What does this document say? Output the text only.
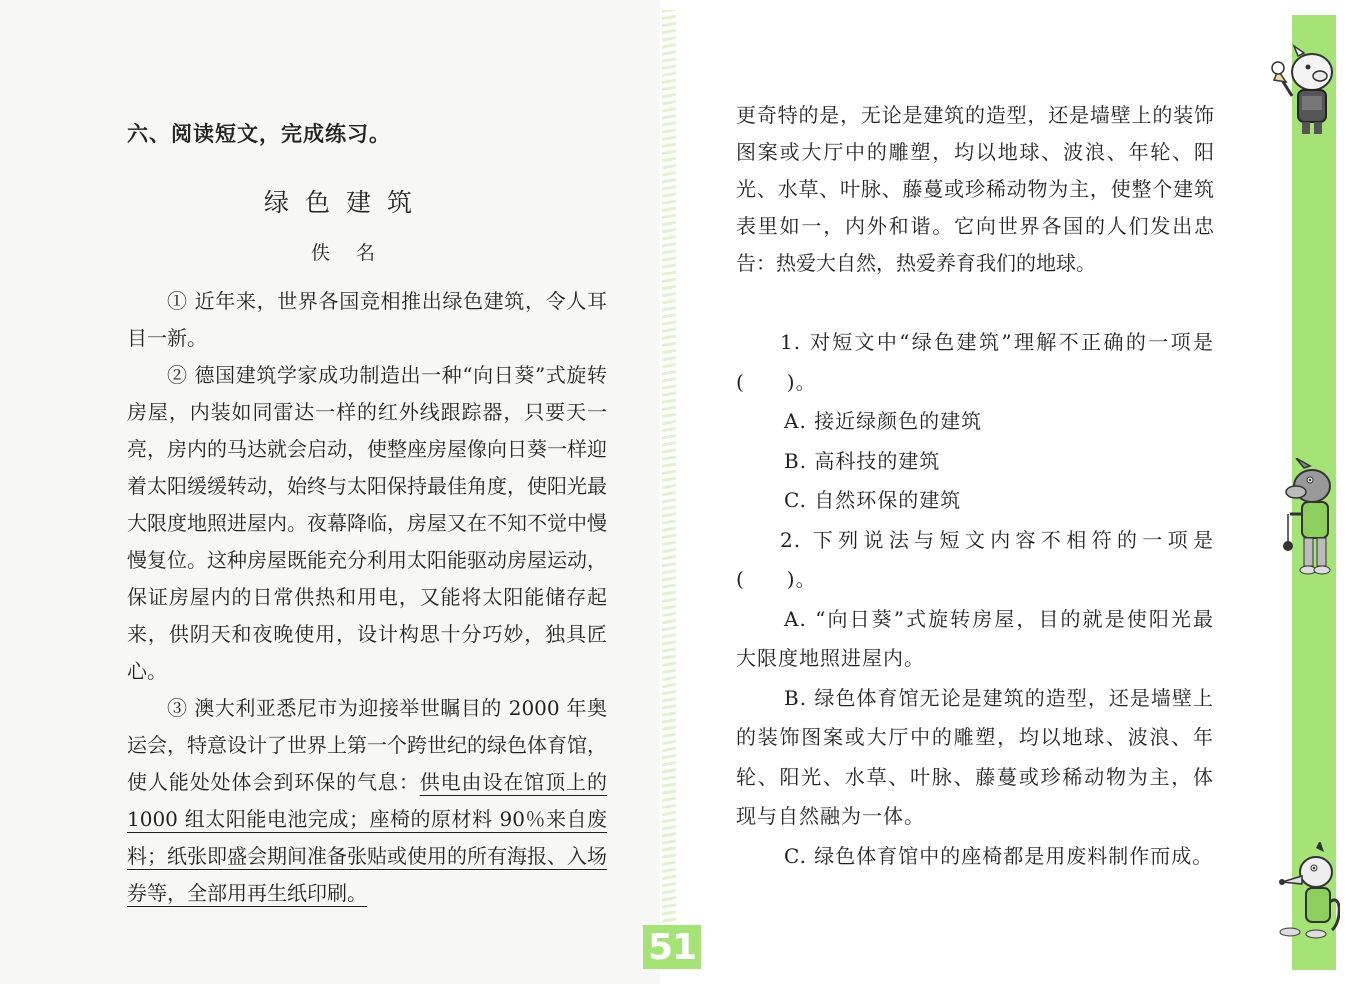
六、阅读短文，完成练习。
绿色建筑
佚名

① 近年来，世界各国竞相推出绿色建筑，令人耳目一新。

② 德国建筑学家成功制造出一种“向日葵”式旋转房屋，内装如同雷达一样的红外线跟踪器，只要天一亮，房内的马达就会启动，使整座房屋像向日葵一样迎着太阳缓缓转动，始终与太阳保持最佳角度，使阳光最大限度地照进屋内。夜幕降临，房屋又在不知不觉中慢慢复位。这种房屋既能充分利用太阳能驱动房屋运动，保证房屋内的日常供热和用电，又能将太阳能储存起来，供阴天和夜晚使用，设计构思十分巧妙，独具匠心。

③ 澳大利亚悉尼市为迎接举世瞩目的 2000 年奥运会，特意设计了世界上第一个跨世纪的绿色体育馆，使人能处处体会到环保的气息：供电由设在馆顶上的 1000 组太阳能电池完成；座椅的原材料 90％来自废料；纸张即盛会期间准备张贴或使用的所有海报、入场券等，全部用再生纸印刷。

更奇特的是，无论是建筑的造型，还是墙壁上的装饰图案或大厅中的雕塑，均以地球、波浪、年轮、阳光、水草、叶脉、藤蔓或珍稀动物为主，使整个建筑表里如一，内外和谐。它向世界各国的人们发出忠告：热爱大自然，热爱养育我们的地球。

1. 对短文中“绿色建筑”理解不正确的一项是(　　)。

A. 接近绿颜色的建筑

B. 高科技的建筑

C. 自然环保的建筑

2. 下列说法与短文内容不相符的一项是(　　)。

A. “向日葵”式旋转房屋，目的就是使阳光最大限度地照进屋内。

B. 绿色体育馆无论是建筑的造型，还是墙壁上的装饰图案或大厅中的雕塑，均以地球、波浪、年轮、阳光、水草、叶脉、藤蔓或珍稀动物为主，体现与自然融为一体。

C. 绿色体育馆中的座椅都是用废料制作而成。

51
